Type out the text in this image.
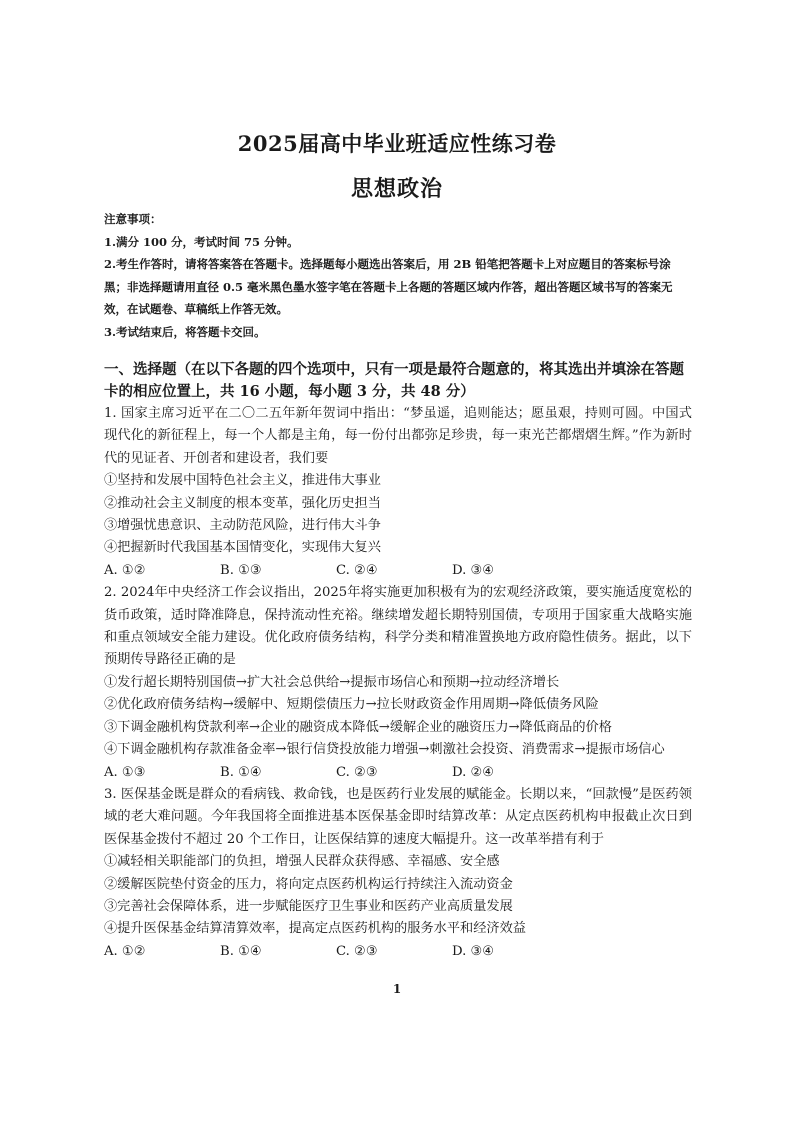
2025届高中毕业班适应性练习卷
思想政治
注意事项：
1.满分 100 分，考试时间 75 分钟。
2.考生作答时，请将答案答在答题卡。选择题每小题选出答案后，用 2B 铅笔把答题卡上对应题目的答案标号涂黑；非选择题请用直径 0.5 毫米黑色墨水签字笔在答题卡上各题的答题区域内作答，超出答题区域书写的答案无效，在试题卷、草稿纸上作答无效。
3.考试结束后，将答题卡交回。
一、选择题（在以下各题的四个选项中，只有一项是最符合题意的，将其选出并填涂在答题卡的相应位置上，共 16 小题，每小题 3 分，共 48 分）

1. 国家主席习近平在二〇二五年新年贺词中指出：“梦虽遥，追则能达；愿虽艰，持则可圆。中国式现代化的新征程上，每一个人都是主角，每一份付出都弥足珍贵，每一束光芒都熠熠生辉。”作为新时代的见证者、开创者和建设者，我们要

①坚持和发展中国特色社会主义，推进伟大事业

②推动社会主义制度的根本变革，强化历史担当

③增强忧患意识、主动防范风险，进行伟大斗争

④把握新时代我国基本国情变化，实现伟大复兴

A. ①②	B. ①③	C. ②④	D. ③④

2. 2024年中央经济工作会议指出，2025年将实施更加积极有为的宏观经济政策，要实施适度宽松的货币政策，适时降准降息，保持流动性充裕。继续增发超长期特别国债，专项用于国家重大战略实施和重点领域安全能力建设。优化政府债务结构，科学分类和精准置换地方政府隐性债务。据此，以下预期传导路径正确的是

①发行超长期特别国债→扩大社会总供给→提振市场信心和预期→拉动经济增长

②优化政府债务结构→缓解中、短期偿债压力→拉长财政资金作用周期→降低债务风险

③下调金融机构贷款利率→企业的融资成本降低→缓解企业的融资压力→降低商品的价格

④下调金融机构存款准备金率→银行信贷投放能力增强→刺激社会投资、消费需求→提振市场信心

A. ①③	B. ①④	C. ②③	D. ②④

3. 医保基金既是群众的看病钱、救命钱，也是医药行业发展的赋能金。长期以来，“回款慢”是医药领域的老大难问题。今年我国将全面推进基本医保基金即时结算改革：从定点医药机构申报截止次日到医保基金拨付不超过 20 个工作日，让医保结算的速度大幅提升。这一改革举措有利于

①减轻相关职能部门的负担，增强人民群众获得感、幸福感、安全感

②缓解医院垫付资金的压力，将向定点医药机构运行持续注入流动资金

③完善社会保障体系，进一步赋能医疗卫生事业和医药产业高质量发展

④提升医保基金结算清算效率，提高定点医药机构的服务水平和经济效益

A. ①②	B. ①④	C. ②③	D. ③④
1
